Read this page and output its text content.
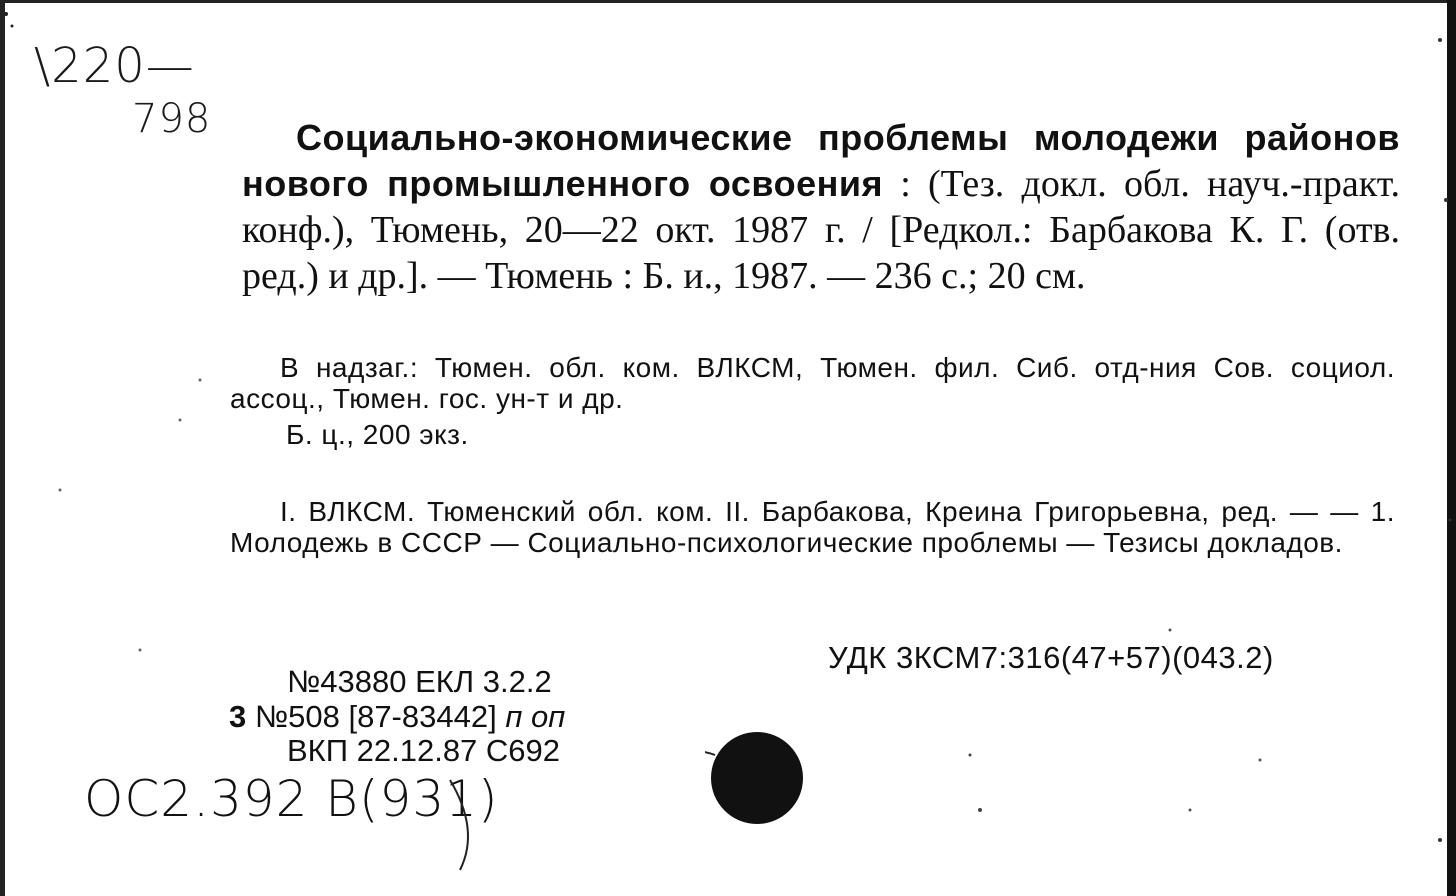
\220—
798	Социально-экономические проблемы молодежи районов нового промышленного освоения : (Тез. докл. обл. науч.-практ. конф.), Тюмень, 20—22 окт. 1987 г. / [Редкол.: Барбакова К. Г. (отв. ред.) и др.]. — Тюмень : Б. и., 1987. — 236 с.; 20 см.
В надзаг.: Тюмен. обл. ком. ВЛКСМ, Тюмен. фил. Сиб. отд-ния Сов. социол. ассоц., Тюмен. гос. ун-т и др.
Б. ц., 200 экз.
I. ВЛКСМ. Тюменский обл. ком. II. Барбакова, Креина Григорьевна, ред. — — 1. Молодежь в СССР — Социально-психологические проблемы — Тезисы докладов.
УДК 3КСМ7:316(47+57)(043.2)
№43880 ЕКЛ 3.2.2
3 №508 [87-83442] п оп
ВКП 22.12.87 С692
ОС2.392 В(931)
